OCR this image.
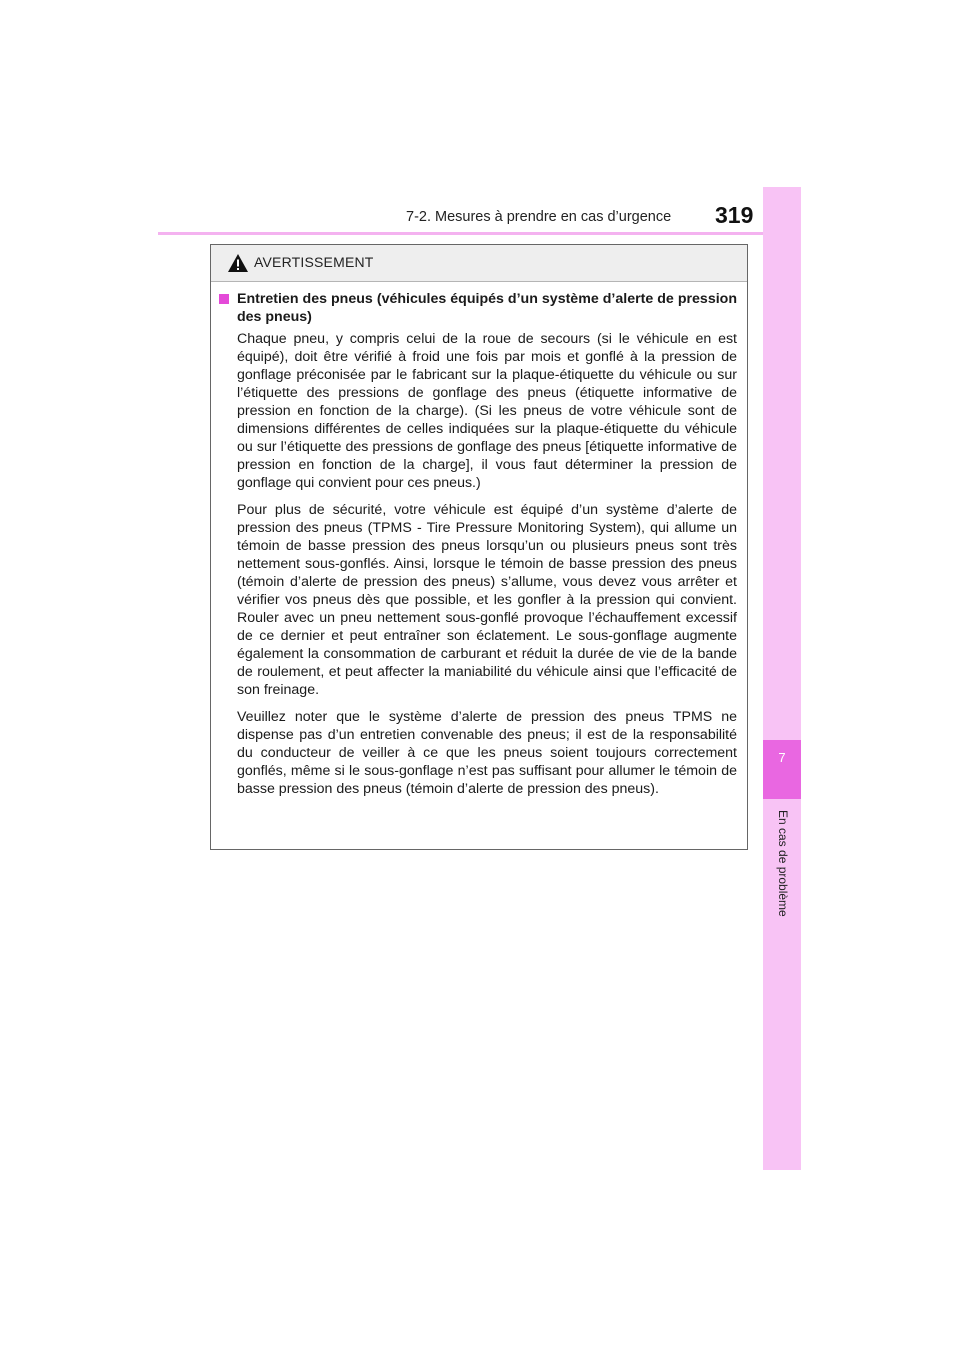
7-2. Mesures à prendre en cas d’urgence 319
7
En cas de problème
AVERTISSEMENT
Entretien des pneus (véhicules équipés d’un système d’alerte de pression des pneus)

Chaque pneu, y compris celui de la roue de secours (si le véhicule en est équipé), doit être vérifié à froid une fois par mois et gonflé à la pression de gonflage préconisée par le fabricant sur la plaque-étiquette du véhicule ou sur l’étiquette des pressions de gonflage des pneus (étiquette informative de pression en fonction de la charge). (Si les pneus de votre véhicule sont de dimensions différentes de celles indiquées sur la plaque-étiquette du véhicule ou sur l’étiquette des pressions de gonflage des pneus [étiquette informative de pression en fonction de la charge], il vous faut déterminer la pression de gonflage qui convient pour ces pneus.)

Pour plus de sécurité, votre véhicule est équipé d’un système d’alerte de pression des pneus (TPMS - Tire Pressure Monitoring System), qui allume un témoin de basse pression des pneus lorsqu’un ou plusieurs pneus sont très nettement sous-gonflés. Ainsi, lorsque le témoin de basse pression des pneus (témoin d’alerte de pression des pneus) s’allume, vous devez vous arrêter et vérifier vos pneus dès que possible, et les gonfler à la pression qui convient. Rouler avec un pneu nettement sous-gonflé provoque l’échauffement excessif de ce dernier et peut entraîner son éclatement. Le sous-gonflage augmente également la consommation de carburant et réduit la durée de vie de la bande de roulement, et peut affecter la maniabilité du véhicule ainsi que l’efficacité de son freinage.

Veuillez noter que le système d’alerte de pression des pneus TPMS ne dispense pas d’un entretien convenable des pneus; il est de la responsabilité du conducteur de veiller à ce que les pneus soient toujours correctement gonflés, même si le sous-gonflage n’est pas suffisant pour allumer le témoin de basse pression des pneus (témoin d’alerte de pression des pneus).
